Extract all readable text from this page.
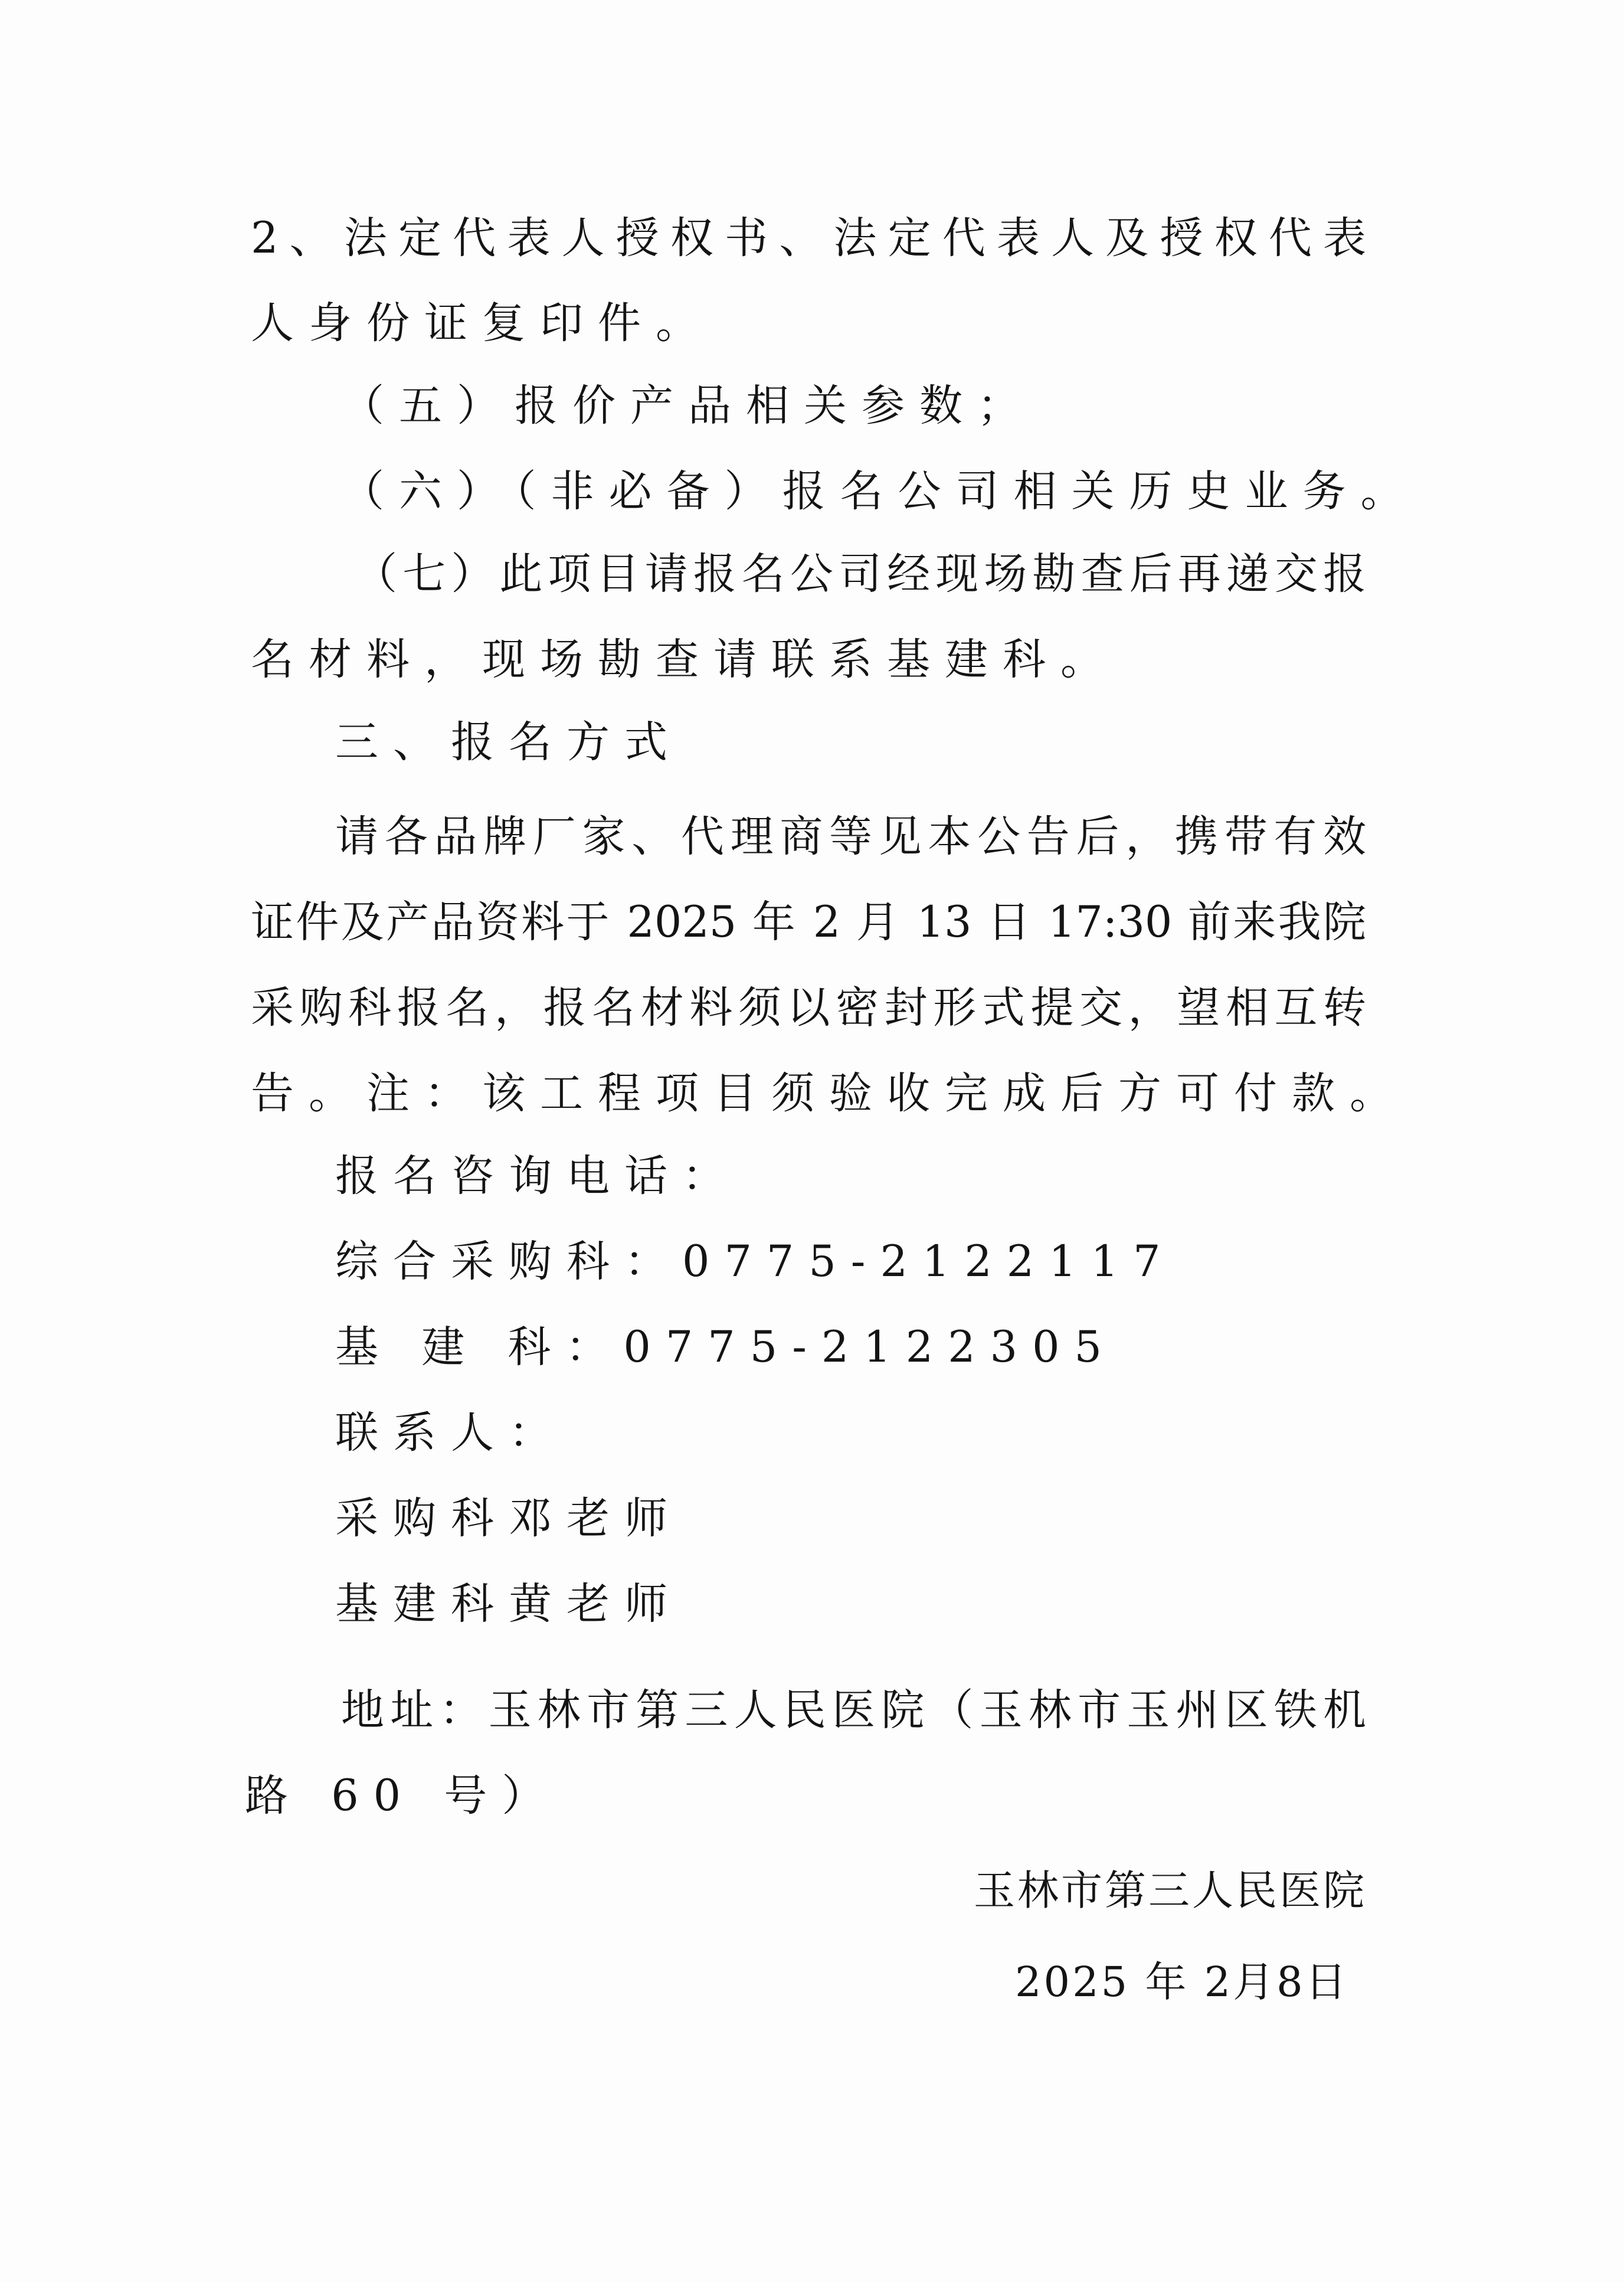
2、法定代表人授权书、法定代表人及授权代表
人身份证复印件。
（五）报价产品相关参数；
（六）（非必备）报名公司相关历史业务。
（七）此项目请报名公司经现场勘查后再递交报
名材料，现场勘查请联系基建科。
三、报名方式
请各品牌厂家、代理商等见本公告后，携带有效
证件及产品资料于 2025 年 2 月 13 日 17:30 前来我院
采购科报名，报名材料须以密封形式提交，望相互转
告。注：该工程项目须验收完成后方可付款。
报名咨询电话：
综合采购科：0775-2122117
基 建 科：0775-2122305
联系人：
采购科邓老师
基建科黄老师
地址：玉林市第三人民医院（玉林市玉州区铁机
路 60 号）
玉林市第三人民医院
2025 年 2月8日
